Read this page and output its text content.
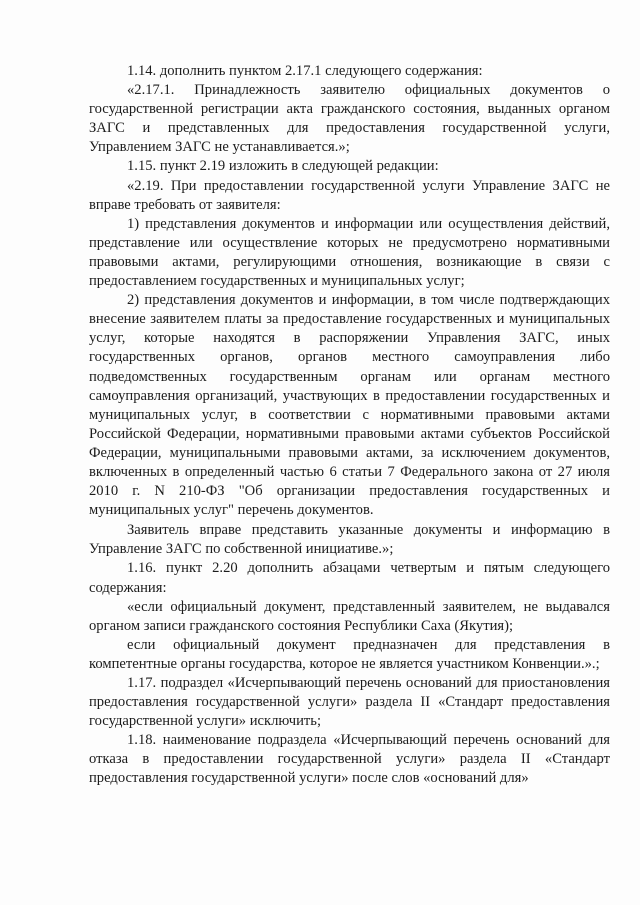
1.14. дополнить пунктом 2.17.1 следующего содержания:

«2.17.1. Принадлежность заявителю официальных документов о государственной регистрации акта гражданского состояния, выданных органом ЗАГС и представленных для предоставления государственной услуги, Управлением ЗАГС не устанавливается.»;

1.15. пункт 2.19 изложить в следующей редакции:

«2.19. При предоставлении государственной услуги Управление ЗАГС не вправе требовать от заявителя:

1) представления документов и информации или осуществления действий, представление или осуществление которых не предусмотрено нормативными правовыми актами, регулирующими отношения, возникающие в связи с предоставлением государственных и муниципальных услуг;

2) представления документов и информации, в том числе подтверждающих внесение заявителем платы за предоставление государственных и муниципальных услуг, которые находятся в распоряжении Управления ЗАГС, иных государственных органов, органов местного самоуправления либо подведомственных государственным органам или органам местного самоуправления организаций, участвующих в предоставлении государственных и муниципальных услуг, в соответствии с нормативными правовыми актами Российской Федерации, нормативными правовыми актами субъектов Российской Федерации, муниципальными правовыми актами, за исключением документов, включенных в определенный частью 6 статьи 7 Федерального закона от 27 июля 2010 г. N 210-ФЗ "Об организации предоставления государственных и муниципальных услуг" перечень документов.

Заявитель вправе представить указанные документы и информацию в Управление ЗАГС по собственной инициативе.»;

1.16. пункт 2.20 дополнить абзацами четвертым и пятым следующего содержания:

«если официальный документ, представленный заявителем, не выдавался органом записи гражданского состояния Республики Саха (Якутия);

если официальный документ предназначен для представления в компетентные органы государства, которое не является участником Конвенции.».;

1.17. подраздел «Исчерпывающий перечень оснований для приостановления предоставления государственной услуги» раздела II «Стандарт предоставления государственной услуги» исключить;

1.18. наименование подраздела «Исчерпывающий перечень оснований для отказа в предоставлении государственной услуги» раздела II «Стандарт предоставления государственной услуги» после слов «оснований для»
